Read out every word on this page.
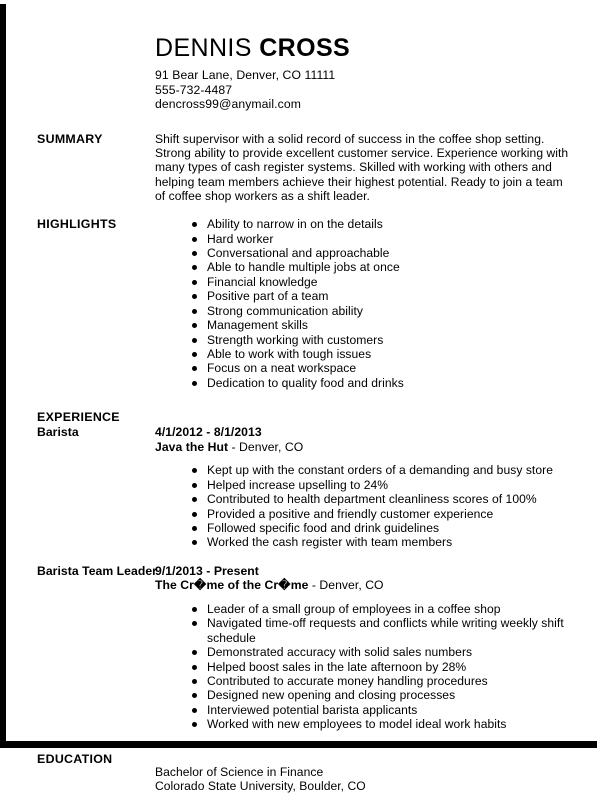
DENNIS CROSS
91 Bear Lane, Denver, CO 11111
555-732-4487
dencross99@anymail.com
SUMMARY	Shift supervisor with a solid record of success in the coffee shop setting. Strong ability to provide excellent customer service. Experience working with many types of cash register systems. Skilled with working with others and helping team members achieve their highest potential. Ready to join a team of coffee shop workers as a shift leader.
HIGHLIGHTS	Ability to narrow in on the details
Hard worker
Conversational and approachable
Able to handle multiple jobs at once
Financial knowledge
Positive part of a team
Strong communication ability
Management skills
Strength working with customers
Able to work with tough issues
Focus on a neat workspace
Dedication to quality food and drinks
EXPERIENCE
Barista	4/1/2012 - 8/1/2013
Java the Hut - Denver, CO
Kept up with the constant orders of a demanding and busy store
Helped increase upselling to 24%
Contributed to health department cleanliness scores of 100%
Provided a positive and friendly customer experience
Followed specific food and drink guidelines
Worked the cash register with team members
Barista Team Leader
9/1/2013 - Present
The Cr�me of the Cr�me - Denver, CO
Leader of a small group of employees in a coffee shop
Navigated time-off requests and conflicts while writing weekly shift schedule
Demonstrated accuracy with solid sales numbers
Helped boost sales in the late afternoon by 28%
Contributed to accurate money handling procedures
Designed new opening and closing processes
Interviewed potential barista applicants
Worked with new employees to model ideal work habits
EDUCATION
Bachelor of Science in Finance
Colorado State University, Boulder, CO
